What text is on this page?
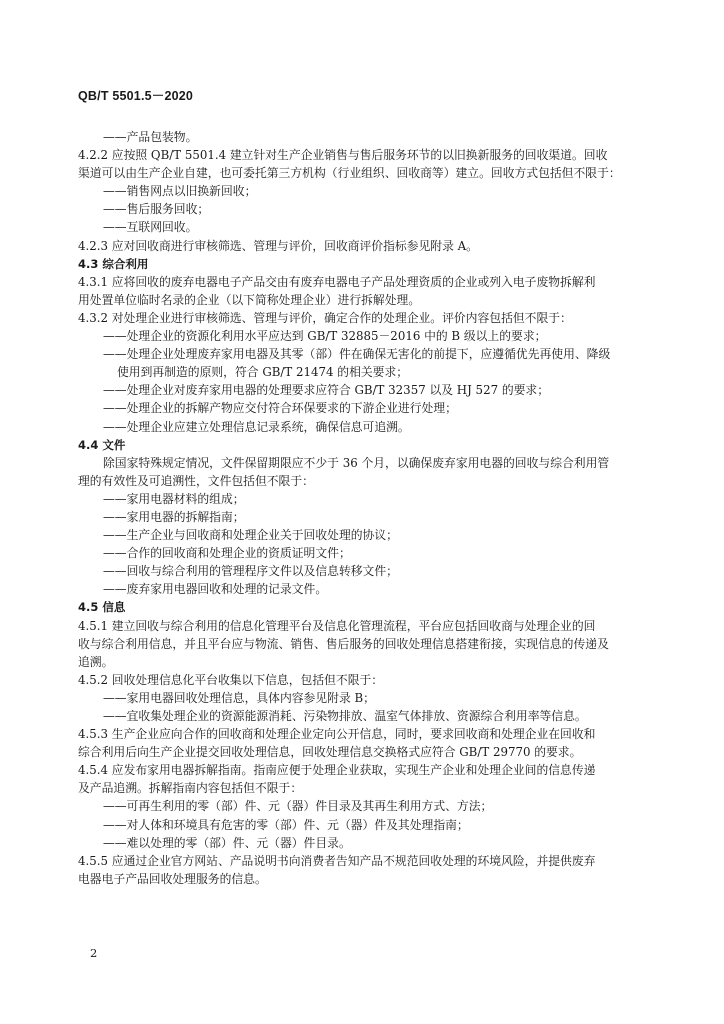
QB/T 5501.5－2020
——产品包装物。
4.2.2 应按照 QB/T 5501.4 建立针对生产企业销售与售后服务环节的以旧换新服务的回收渠道。回收
渠道可以由生产企业自建，也可委托第三方机构（行业组织、回收商等）建立。回收方式包括但不限于：
——销售网点以旧换新回收；
——售后服务回收；
——互联网回收。
4.2.3 应对回收商进行审核筛选、管理与评价，回收商评价指标参见附录 A。
4.3 综合利用
4.3.1 应将回收的废弃电器电子产品交由有废弃电器电子产品处理资质的企业或列入电子废物拆解利
用处置单位临时名录的企业（以下简称处理企业）进行拆解处理。
4.3.2 对处理企业进行审核筛选、管理与评价，确定合作的处理企业。评价内容包括但不限于：
——处理企业的资源化利用水平应达到 GB/T 32885－2016 中的 B 级以上的要求；
——处理企业处理废弃家用电器及其零（部）件在确保无害化的前提下，应遵循优先再使用、降级
使用到再制造的原则，符合 GB/T 21474 的相关要求；
——处理企业对废弃家用电器的处理要求应符合 GB/T 32357 以及 HJ 527 的要求；
——处理企业的拆解产物应交付符合环保要求的下游企业进行处理；
——处理企业应建立处理信息记录系统，确保信息可追溯。
4.4 文件
除国家特殊规定情况，文件保留期限应不少于 36 个月，以确保废弃家用电器的回收与综合利用管
理的有效性及可追溯性，文件包括但不限于：
——家用电器材料的组成；
——家用电器的拆解指南；
——生产企业与回收商和处理企业关于回收处理的协议；
——合作的回收商和处理企业的资质证明文件；
——回收与综合利用的管理程序文件以及信息转移文件；
——废弃家用电器回收和处理的记录文件。
4.5 信息
4.5.1 建立回收与综合利用的信息化管理平台及信息化管理流程，平台应包括回收商与处理企业的回
收与综合利用信息，并且平台应与物流、销售、售后服务的回收处理信息搭建衔接，实现信息的传递及
追溯。
4.5.2 回收处理信息化平台收集以下信息，包括但不限于：
——家用电器回收处理信息，具体内容参见附录 B；
——宜收集处理企业的资源能源消耗、污染物排放、温室气体排放、资源综合利用率等信息。
4.5.3 生产企业应向合作的回收商和处理企业定向公开信息，同时，要求回收商和处理企业在回收和
综合利用后向生产企业提交回收处理信息，回收处理信息交换格式应符合 GB/T 29770 的要求。
4.5.4 应发布家用电器拆解指南。指南应便于处理企业获取，实现生产企业和处理企业间的信息传递
及产品追溯。拆解指南内容包括但不限于：
——可再生利用的零（部）件、元（器）件目录及其再生利用方式、方法；
——对人体和环境具有危害的零（部）件、元（器）件及其处理指南；
——难以处理的零（部）件、元（器）件目录。
4.5.5 应通过企业官方网站、产品说明书向消费者告知产品不规范回收处理的环境风险，并提供废弃
电器电子产品回收处理服务的信息。
2
